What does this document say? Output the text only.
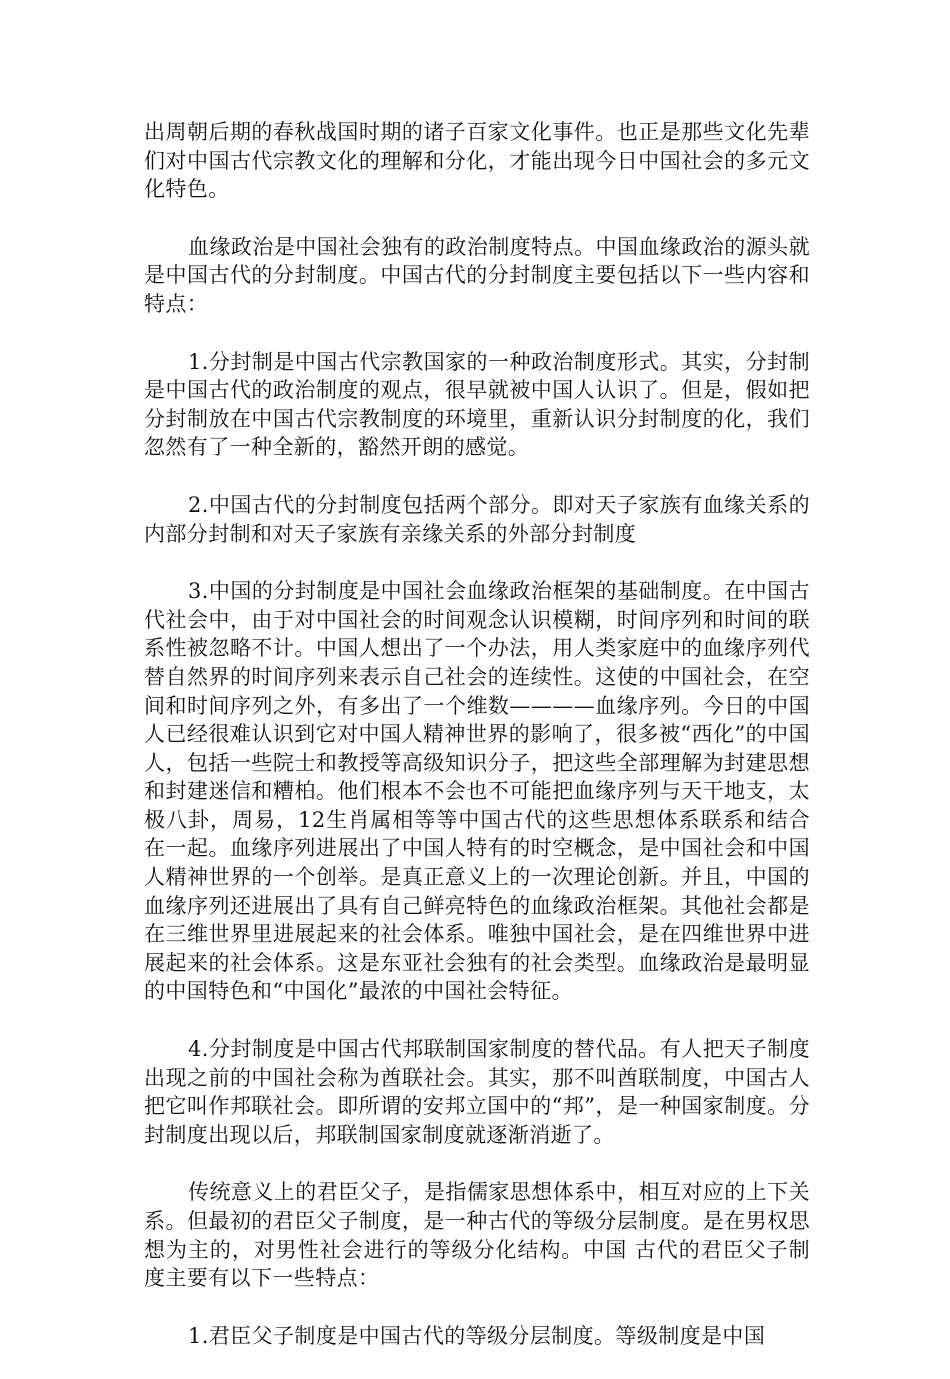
出周朝后期的春秋战国时期的诸子百家文化事件。也正是那些文化先辈们对中国古代宗教文化的理解和分化，才能出现今日中国社会的多元文化特色。

血缘政治是中国社会独有的政治制度特点。中国血缘政治的源头就是中国古代的分封制度。中国古代的分封制度主要包括以下一些内容和特点：

1.分封制是中国古代宗教国家的一种政治制度形式。其实，分封制是中国古代的政治制度的观点，很早就被中国人认识了。但是，假如把分封制放在中国古代宗教制度的环境里，重新认识分封制度的化，我们忽然有了一种全新的，豁然开朗的感觉。

2.中国古代的分封制度包括两个部分。即对天子家族有血缘关系的内部分封制和对天子家族有亲缘关系的外部分封制度

3.中国的分封制度是中国社会血缘政治框架的基础制度。在中国古代社会中，由于对中国社会的时间观念认识模糊，时间序列和时间的联系性被忽略不计。中国人想出了一个办法，用人类家庭中的血缘序列代替自然界的时间序列来表示自己社会的连续性。这使的中国社会，在空间和时间序列之外，有多出了一个维数————血缘序列。今日的中国人已经很难认识到它对中国人精神世界的影响了，很多被“西化”的中国人，包括一些院士和教授等高级知识分子，把这些全部理解为封建思想和封建迷信和糟柏。他们根本不会也不可能把血缘序列与天干地支，太极八卦，周易，12生肖属相等等中国古代的这些思想体系联系和结合在一起。血缘序列进展出了中国人特有的时空概念，是中国社会和中国人精神世界的一个创举。是真正意义上的一次理论创新。并且，中国的血缘序列还进展出了具有自己鲜亮特色的血缘政治框架。其他社会都是在三维世界里进展起来的社会体系。唯独中国社会，是在四维世界中进展起来的社会体系。这是东亚社会独有的社会类型。血缘政治是最明显的中国特色和“中国化”最浓的中国社会特征。

4.分封制度是中国古代邦联制国家制度的替代品。有人把天子制度出现之前的中国社会称为酋联社会。其实，那不叫酋联制度，中国古人把它叫作邦联社会。即所谓的安邦立国中的“邦”，是一种国家制度。分封制度出现以后，邦联制国家制度就逐渐消逝了。

传统意义上的君臣父子，是指儒家思想体系中，相互对应的上下关系。但最初的君臣父子制度，是一种古代的等级分层制度。是在男权思想为主的，对男性社会进行的等级分化结构。中国 古代的君臣父子制度主要有以下一些特点：

1.君臣父子制度是中国古代的等级分层制度。等级制度是中国
